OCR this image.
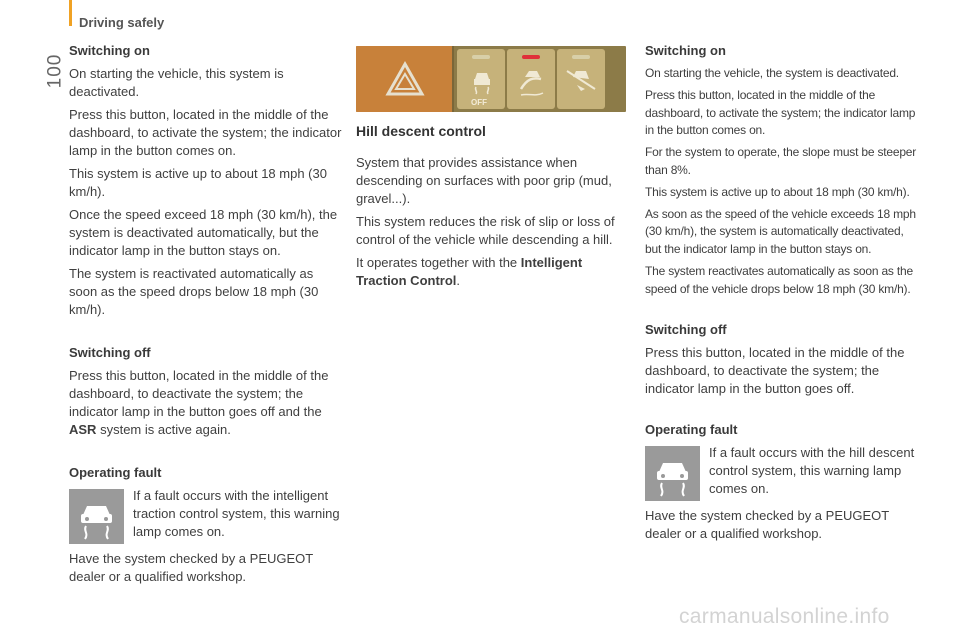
Driving safely
100
Switching on

On starting the vehicle, this system is deactivated.

Press this button, located in the middle of the dashboard, to activate the system; the indicator lamp in the button comes on.

This system is active up to about 18 mph (30 km/h).

Once the speed exceed 18 mph (30 km/h), the system is deactivated automatically, but the indicator lamp in the button stays on.

The system is reactivated automatically as soon as the speed drops below 18 mph (30 km/h).

Switching off

Press this button, located in the middle of the dashboard, to deactivate the system; the indicator lamp in the button goes off and the ASR system is active again.

Operating fault
If a fault occurs with the intelligent traction control system, this warning lamp comes on.

Have the system checked by a PEUGEOT dealer or a qualified workshop.

OFF
Hill descent control

System that provides assistance when descending on surfaces with poor grip (mud, gravel...).

This system reduces the risk of slip or loss of control of the vehicle while descending a hill.

It operates together with the Intelligent Traction Control.

Switching on

On starting the vehicle, the system is deactivated.

Press this button, located in the middle of the dashboard, to activate the system; the indicator lamp in the button comes on.

For the system to operate, the slope must be steeper than 8%.

This system is active up to about 18 mph (30 km/h).

As soon as the speed of the vehicle exceeds 18 mph (30 km/h), the system is automatically deactivated, but the indicator lamp in the button stays on.

The system reactivates automatically as soon as the speed of the vehicle drops below 18 mph (30 km/h).

Switching off

Press this button, located in the middle of the dashboard, to deactivate the system; the indicator lamp in the button goes off.

Operating fault
If a fault occurs with the hill descent control system, this warning lamp comes on.

Have the system checked by a PEUGEOT dealer or a qualified workshop.

carmanualsonline.info
